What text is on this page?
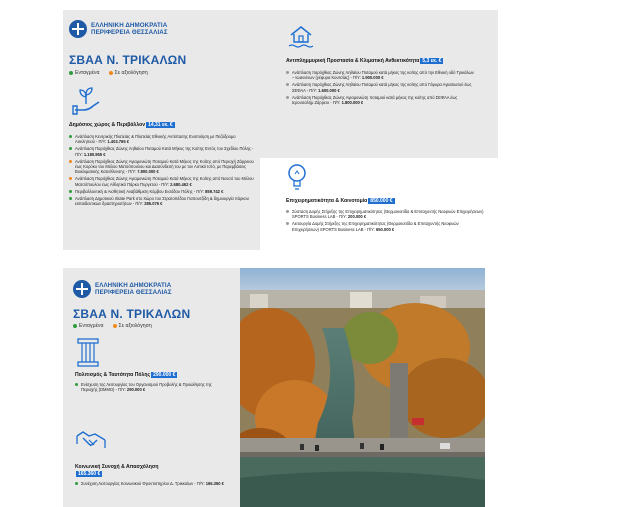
ΕΛΛΗΝΙΚΗ ΔΗΜΟΚΡΑΤΙΑ
ΠΕΡΙΦΕΡΕΙΑ ΘΕΣΣΑΛΙΑΣ
ΣΒΑΑ Ν. ΤΡΙΚΑΛΩΝ
Ενταγμένα	Σε αξιολόγηση
Δημόσιος χώρος & Περιβάλλον 14,31 εκ. €
Ανάπλαση Κεντρικής Πλατείας & Πλατείας Εθνικής Αντίστασης Ενοποίηση με Πεζόδρομο Ασκληπιού - Π/Υ: 1.403.765 €
Ανάπλαση Παρόχθιας Ζώνης Ληθαίου Ποταμού Κατά Μήκος της Κοίτης Εντός του Σχεδίου Πόλης - Π/Υ: 1.180.955 €
Ανάπλαση Παρόχθιας Ζώνης Αγιαμονιώτη Ποταμού Κατά Μήκος της Κοίτης από Περιοχή Ζάρρειου έως Κορόκο του Μύλου Ματσόπουλου και Διασύνδεσή του με τον Αστικό Ιστό, με Παρεμβάσεις Βιοκλιματικής Κατεύθυνσης - Π/Υ: 7.800.000 €
Ανάπλαση Παρόχθιας Ζώνης Αγιαμονιώτη Ποταμού Κατά Μήκος της Κοίτης από Νεοσό του Μύλου Ματσόπουλου έως Αθλητικό Πάρκο Πυργετού - Π/Υ: 2.680.462 €
Περιβαλλοντική & Αισθητική Αναβάθμιση Κόμβου Εισόδου Πόλης - Π/Υ: 859.742 €
Ανάπλαση Δημοτικού Skate Park στο Χώρο του Στρατοπέδου Γιαπουτζίδη & δημιουργία πάρκου εκπαιδευτικών δραστηριοτήτων - Π/Υ: 285.076 €
Αντιπλημμυρική Προστασία & Κλιματική Ανθεκτικότητα 5,3 εκ. €
Ανάπλαση παρόχθιας Ζώνης Ληθαίου Ποταμού κατά μήκος της κοίτης από την Εθνική οδό Τρικάλων – Ιωαννίνων (γέφυρα Κουτσίας) - Π/Υ: 1.900.000 €
Ανάπλαση παρόχθιας Ζώνης Ληθαίου Ποταμού κατά μήκος της κοίτης από Γέφυρα Αγιασιωτού έως ΣΕΦΑΑ - Π/Υ: 1.600.000 €
Ανάπλαση Παρόχθιας Ζώνης Αγιαμονιώτη ποταμού κατά μήκος της κοίτης από ΣΕΦΑΑ έως Ιερουσαλήμ Ζάρρειο - Π/Υ: 1.800.000 €
Επιχειρηματικότητα & Καινοτομία 850.000 €
Σύσταση Δομής Στήριξης της Επιχειρηματικότητας (Θερμοκοιτίδα & Επιταχυντής Νεοφυών Επιχειρήσεων) SPORTS Business LAB - Π/Υ: 200.000 €
Λειτουργία Δομής Στήριξης της Επιχειρηματικότητας (Θερμοκοιτίδα & Επιταχυντής Νεοφυών Επιχειρήσεων) SPORTS Business LAB - Π/Υ: 650.000 €
ΕΛΛΗΝΙΚΗ ΔΗΜΟΚΡΑΤΙΑ
ΠΕΡΙΦΕΡΕΙΑ ΘΕΣΣΑΛΙΑΣ
ΣΒΑΑ Ν. ΤΡΙΚΑΛΩΝ
Ενταγμένα	Σε αξιολόγηση
Πολιτισμός & Ταυτότητα Πόλης 290.000 €
Ενίσχυση της Λειτουργίας του Οργανισμού Προβολής & Προώθησης της Περιοχής (DMMO) - Π/Υ: 290.000 €
Κοινωνική Συνοχή & Απασχόληση165.360 €
Συνέχιση Λειτουργίας Κοινωνικού Φροντιστηρίου Δ. Τρικκαίων - Π/Υ: 165.360 €
